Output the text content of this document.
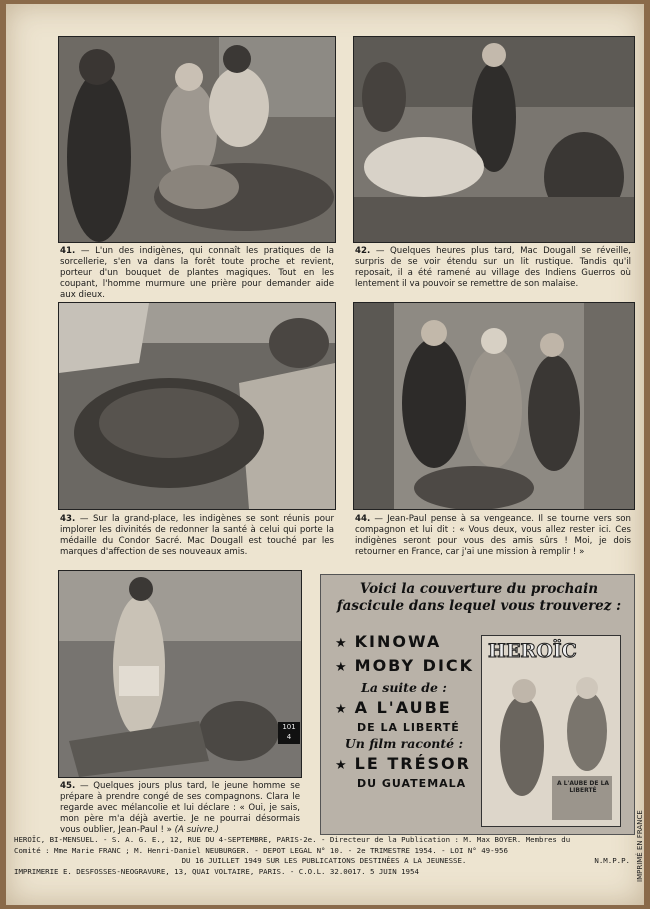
41. — L'un des indigènes, qui connaît les pratiques de la sorcellerie, s'en va dans la forêt toute proche et revient, porteur d'un bouquet de plantes magiques. Tout en les coupant, l'homme murmure une prière pour demander aide aux dieux.
42. — Quelques heures plus tard, Mac Dougall se réveille, surpris de se voir étendu sur un lit rustique. Tandis qu'il reposait, il a été ramené au village des Indiens Guerros où lentement il va pouvoir se remettre de son malaise.
43. — Sur la grand-place, les indigènes se sont réunis pour implorer les divinités de redonner la santé à celui qui porte la médaille du Condor Sacré. Mac Dougall est touché par les marques d'affection de ses nouveaux amis.
44. — Jean-Paul pense à sa vengeance. Il se tourne vers son compagnon et lui dit : « Vous deux, vous allez rester ici. Ces indigènes seront pour vous des amis sûrs ! Moi, je dois retourner en France, car j'ai une mission à remplir ! »
101
4
45. — Quelques jours plus tard, le jeune homme se prépare à prendre congé de ses compagnons. Clara le regarde avec mélancolie et lui déclare : « Oui, je sais, mon père m'a déjà avertie. Je ne pourrai désormais vous oublier, Jean-Paul ! » (A suivre.)
Voici la couverture du prochain fascicule dans lequel vous trouverez :
★ KINOWA
★ MOBY DICK
La suite de :
★ A L'AUBE
DE LA LIBERTÉ
Un film raconté :
★ LE TRÉSOR
DU GUATEMALA
HEROÏC
A L'AUBE DE LA LIBERTÉ
HEROÏC, BI-MENSUEL. - S. A. G. E., 12, RUE DU 4-SEPTEMBRE, PARIS-2e. - Directeur de la Publication : M. Max BOYER. Membres du
Comité : Mme Marie FRANC ; M. Henri-Daniel NEUBURGER. - DEPOT LEGAL N° 10. - 2e TRIMESTRE 1954. - LOI N° 49-956
DU 16 JUILLET 1949 SUR LES PUBLICATIONS DESTINÉES A LA JEUNESSE.
IMPRIMERIE E. DESFOSSES-NEOGRAVURE, 13, QUAI VOLTAIRE, PARIS. - C.O.L. 32.0017. 5 JUIN 1954
N.M.P.P. IMPRIMÉ EN FRANCE
